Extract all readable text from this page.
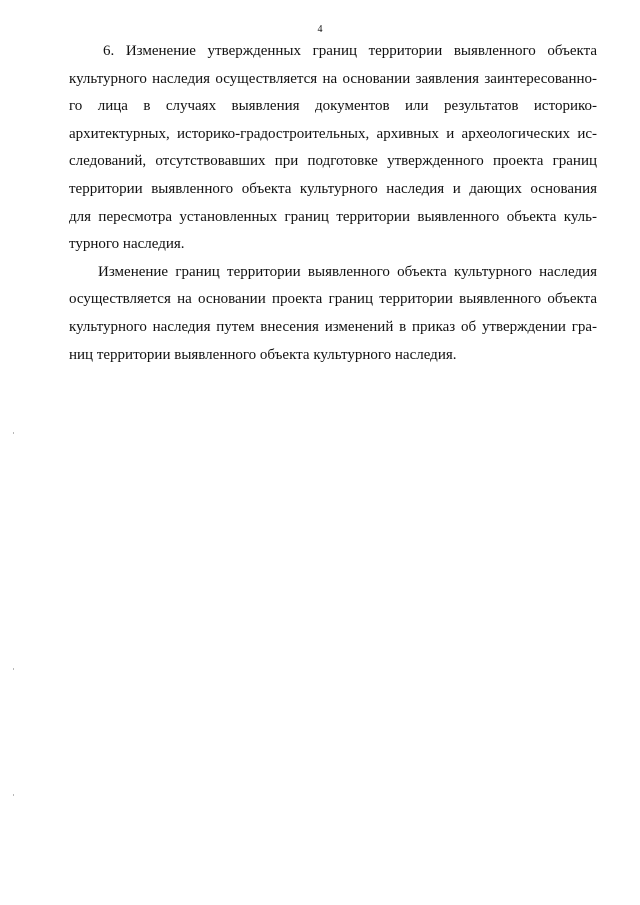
4
6. Изменение утвержденных границ территории выявленного объекта
культурного наследия осуществляется на основании заявления заинтересованно-
го лица в случаях выявления документов или результатов историко-
архитектурных, историко-градостроительных, архивных и археологических ис-
следований, отсутствовавших при подготовке утвержденного проекта границ
территории выявленного объекта культурного наследия и дающих основания
для пересмотра установленных границ территории выявленного объекта куль-
турного наследия.
Изменение границ территории выявленного объекта культурного наследия
осуществляется на основании проекта границ территории выявленного объекта
культурного наследия путем внесения изменений в приказ об утверждении гра-
ниц территории выявленного объекта культурного наследия.
